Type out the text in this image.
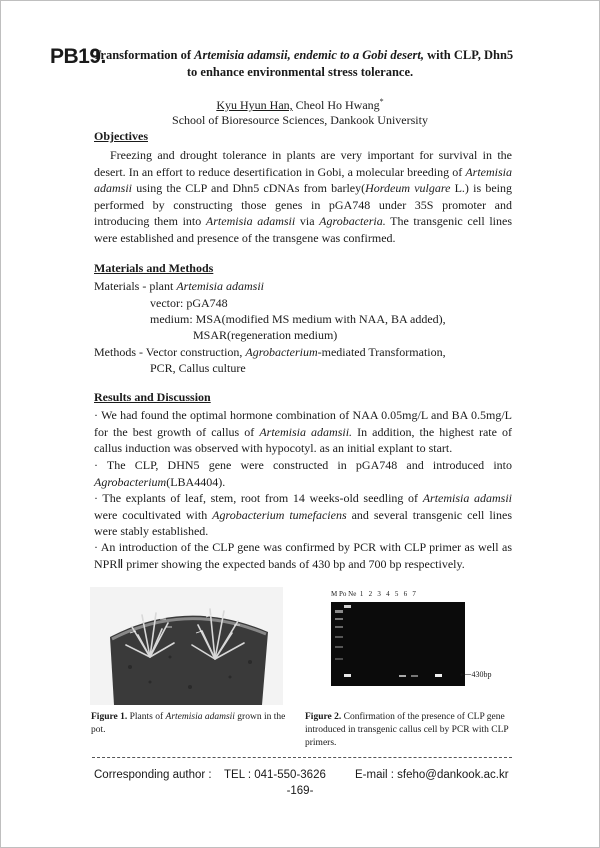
PB19.
Transformation of Artemisia adamsii, endemic to a Gobi desert, with CLP, Dhn5
to enhance environmental stress tolerance.
Kyu Hyun Han, Cheol Ho Hwang*
School of Bioresource Sciences, Dankook University
Objectives
Freezing and drought tolerance in plants are very important for survival in the desert. In an effort to reduce desertification in Gobi, a molecular breeding of Artemisia adamsii using the CLP and Dhn5 cDNAs from barley(Hordeum vulgare L.) is being performed by constructing those genes in pGA748 under 35S promoter and introducing them into Artemisia adamsii via Agrobacteria. The transgenic cell lines were established and presence of the transgene was confirmed.
Materials and Methods
Materials - plant Artemisia adamsii
vector: pGA748
medium: MSA(modified MS medium with NAA, BA added),
MSAR(regeneration medium)
Methods - Vector construction, Agrobacterium-mediated Transformation,
PCR, Callus culture
Results and Discussion
· We had found the optimal hormone combination of NAA 0.05mg/L and BA 0.5mg/L for the best growth of callus of Artemisia adamsii. In addition, the highest rate of callus induction was observed with hypocotyl. as an initial explant to start.
· The CLP, DHN5 gene were constructed in pGA748 and introduced into Agrobacterium(LBA4404).
· The explants of leaf, stem, root from 14 weeks-old seedling of Artemisia adamsii were cocultivated with Agrobacterium tumefaciens and several transgenic cell lines were stably established.
· An introduction of the CLP gene was confirmed by PCR with CLP primer as well as NPRⅡ primer showing the expected bands of 430 bp and 700 bp respectively.
M Po Ne 1 2 3 4 5 6 7
⟵430bp
Figure 1. Plants of Artemisia adamsii grown in the pot.
Figure 2. Confirmation of the presence of CLP gene introduced in transgenic callus cell by PCR with CLP primers.
Corresponding author : TEL : 041-550-3626	E-mail : sfeho@dankook.ac.kr
-169-
